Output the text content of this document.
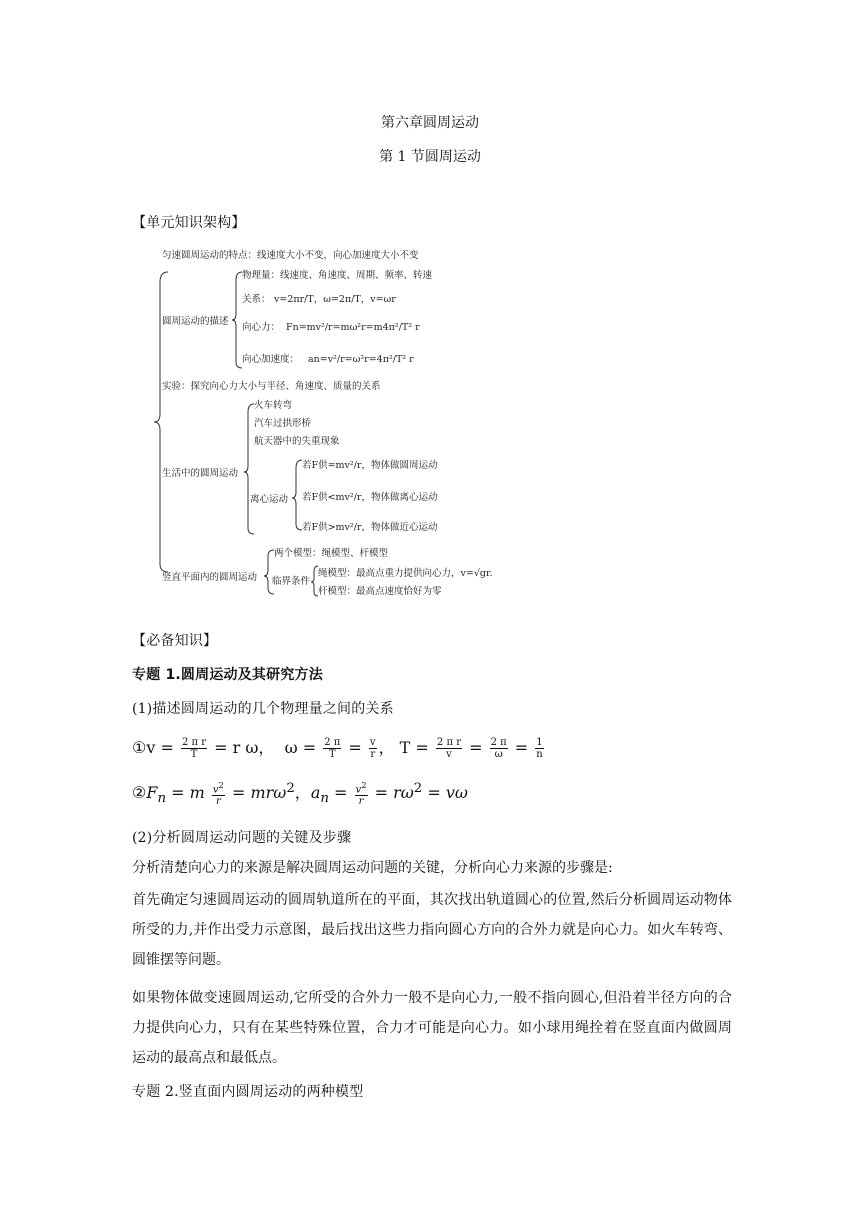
第六章圆周运动
第 1 节圆周运动
【单元知识架构】
匀速圆周运动的特点：线速度大小不变，向心加速度大小不变
圆周运动的描述
物理量：线速度、角速度、周期、频率、转速
关系： v=2πr/T，ω=2π/T，v=ωr
向心力： Fn=mv²/r=mω²r=m4π²/T² r
向心加速度： an=v²/r=ω²r=4π²/T² r
实验：探究向心力大小与半径、角速度、质量的关系
火车转弯
汽车过拱形桥
航天器中的失重现象
生活中的圆周运动
离心运动
若F供=mv²/r，物体做圆周运动
若F供<mv²/r，物体做离心运动
若F供>mv²/r，物体做近心运动
两个模型：绳模型、杆模型
竖直平面内的圆周运动 临界条件
绳模型：最高点重力提供向心力，v=√gr.
杆模型：最高点速度恰好为零
【必备知识】
专题 1.圆周运动及其研究方法
(1)描述圆周运动的几个物理量之间的关系
①v = $\frac{\text{2 π r}}{T} = r$ ω，  $\omega = \frac{2 \pi}{T} = \frac{v}{r}$ ， $T = \frac{\text{2 π r}}{v} = \frac{2 \pi}{\omega} = \frac{1}{n}$
$②F_n = m \frac{v^2}{r} = mr\omega^2$，$a_n = \frac{v^2}{r} = r\omega^2 = v\omega$
(2)分析圆周运动问题的关键及步骤
分析清楚向心力的来源是解决圆周运动问题的关键，分析向心力来源的步骤是:
首先确定匀速圆周运动的圆周轨道所在的平面，其次找出轨道圆心的位置,然后分析圆周运动物体所受的力,并作出受力示意图，最后找出这些力指向圆心方向的合外力就是向心力。如火车转弯、圆锥摆等问题。
如果物体做变速圆周运动,它所受的合外力一般不是向心力,一般不指向圆心,但沿着半径方向的合力提供向心力，只有在某些特殊位置，合力才可能是向心力。如小球用绳拴着在竖直面内做圆周运动的最高点和最低点。
专题 2.竖直面内圆周运动的两种模型
